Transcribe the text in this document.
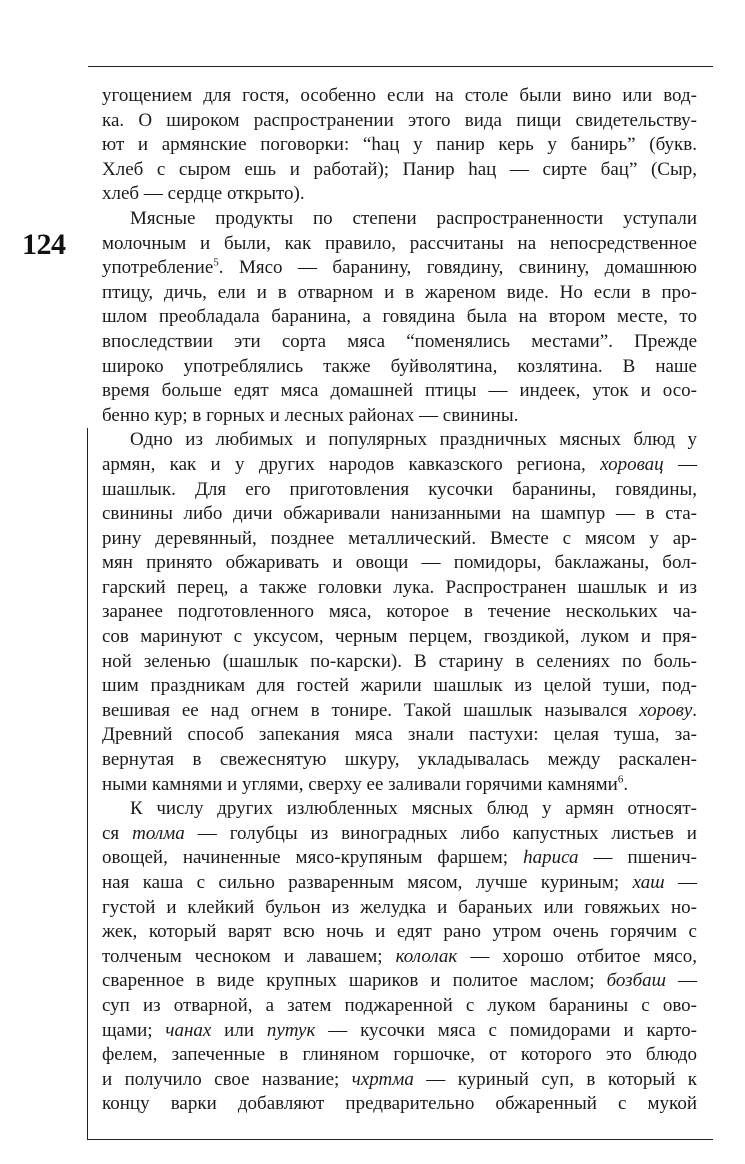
124
угощением для гостя, особенно если на столе были вино или вод-
ка. О широком распространении этого вида пищи свидетельству-
ют и армянские поговорки: “hац у панир керь у банирь” (букв.
Хлеб с сыром ешь и работай); Панир hац — сирте бац” (Сыр,
хлеб — сердце открыто).
Мясные продукты по степени распространенности уступали
молочным и были, как правило, рассчитаны на непосредственное
употребление$^5$. Мясо — баранину, говядину, свинину, домашнюю
птицу, дичь, ели и в отварном и в жареном виде. Но если в про-
шлом преобладала баранина, а говядина была на втором месте, то
впоследствии эти сорта мяса “поменялись местами”. Прежде
широко употреблялись также буйволятина, козлятина. В наше
время больше едят мяса домашней птицы — индеек, уток и осо-
бенно кур; в горных и лесных районах — свинины.
Одно из любимых и популярных праздничных мясных блюд у
армян, как и у других народов кавказского региона, хоровац —
шашлык. Для его приготовления кусочки баранины, говядины,
свинины либо дичи обжаривали нанизанными на шампур — в ста-
рину деревянный, позднее металлический. Вместе с мясом у ар-
мян принято обжаривать и овощи — помидоры, баклажаны, бол-
гарский перец, а также головки лука. Распространен шашлык и из
заранее подготовленного мяса, которое в течение нескольких ча-
сов маринуют с уксусом, черным перцем, гвоздикой, луком и пря-
ной зеленью (шашлык по-карски). В старину в селениях по боль-
шим праздникам для гостей жарили шашлык из целой туши, под-
вешивая ее над огнем в тонире. Такой шашлык назывался хорову.
Древний способ запекания мяса знали пастухи: целая туша, за-
вернутая в свежеснятую шкуру, укладывалась между раскален-
ными камнями и углями, сверху ее заливали горячими камнями$^6$.
К числу других излюбленных мясных блюд у армян относят-
ся толма — голубцы из виноградных либо капустных листьев и
овощей, начиненные мясо-крупяным фаршем; hариса — пшенич-
ная каша с сильно разваренным мясом, лучше куриным; хаш —
густой и клейкий бульон из желудка и бараньих или говяжьих но-
жек, который варят всю ночь и едят рано утром очень горячим с
толченым чесноком и лавашем; кололак — хорошо отбитое мясо,
сваренное в виде крупных шариков и политое маслом; бозбаш —
суп из отварной, а затем поджаренной с луком баранины с ово-
щами; чанах или путук — кусочки мяса с помидорами и карто-
фелем, запеченные в глиняном горшочке, от которого это блюдо
и получило свое название; чхртма — куриный суп, в который к
концу варки добавляют предварительно обжаренный с мукой
